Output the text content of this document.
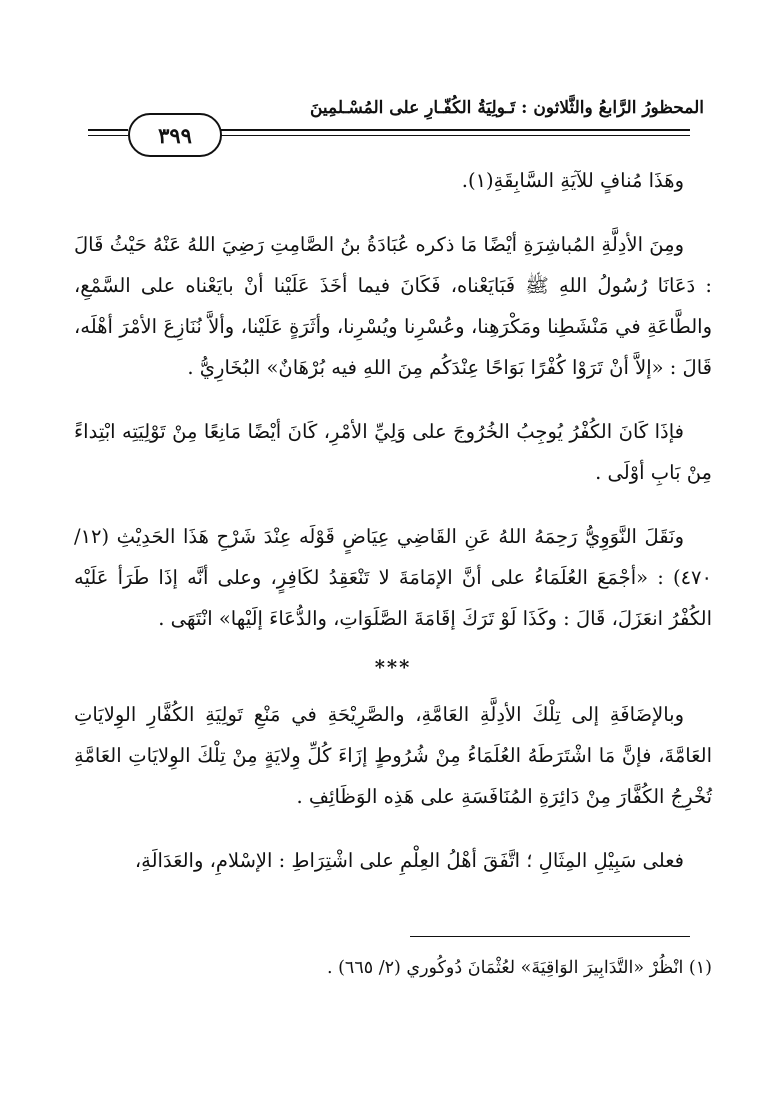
المحظورُ الرَّابعُ والثَّلاثون : تَـولِيَةُ الكُفّـارِ على المُسْـلمِينَ
٣٩٩

وهَذَا مُنافٍ للآيَةِ السَّابِقَةِ(١).

ومِنَ الأدِلَّةِ المُباشِرَةِ أيْضًا مَا ذكره عُبَادَةُ بنُ الصَّامِتِ رَضِيَ اللهُ عَنْهُ حَيْثُ قَالَ : دَعَانَا رُسُولُ اللهِ ﷺ فَبَايَعْناه، فَكَانَ فيما أخَذَ عَلَيْنا أنْ بايَعْناه على السَّمْعِ، والطَّاعَةِ في مَنْشَطِنا ومَكْرَهِنا، وعُسْرِنا ويُسْرِنا، وأثَرَةٍ عَلَيْنا، وألاَّ نُنَازِعَ الأمْرَ أهْلَه، قَالَ : «إلاَّ أنْ تَرَوْا كُفْرًا بَوَاحًا عِنْدَكُم مِنَ اللهِ فيه بُرْهَانٌ» البُخَارِيُّ .

فإذَا كَانَ الكُفْرُ يُوجِبُ الخُرُوجَ على وَلِيِّ الأمْرِ، كَانَ أيْضًا مَانِعًا مِنْ تَوْلِيَتِه ابْتِداءً مِنْ بَابِ أوْلَى .

ونَقَلَ النَّوَوِيُّ رَحِمَهُ اللهُ عَنِ القَاضِي عِيَاضٍ قَوْلَه عِنْدَ شَرْحِ هَذَا الحَدِيْثِ (١٢/ ٤٧٠) : «أجْمَعَ العُلَمَاءُ على أنَّ الإمَامَةَ لا تَنْعَقِدُ لكَافِرٍ، وعلى أنَّه إذَا طَرَأ عَلَيْه الكُفْرُ انعَزَلَ، قَالَ : وكَذَا لَوْ تَرَكَ إقَامَةَ الصَّلَوَاتِ، والدُّعَاءَ إلَيْها» انْتَهَى .

***

وبالإضَافَةِ إلى تِلْكَ الأدِلَّةِ العَامَّةِ، والصَّرِيْحَةِ في مَنْعِ تَولِيَةِ الكُفَّارِ الوِلايَاتِ العَامَّةَ، فإنَّ مَا اشْتَرَطَهُ العُلَمَاءُ مِنْ شُرُوطٍ إزَاءَ كُلِّ وِلايَةٍ مِنْ تِلْكَ الوِلايَاتِ العَامَّةِ تُخْرِجُ الكُفَّارَ مِنْ دَائِرَةِ المُنَافَسَةِ على هَذِه الوَظَائِفِ .

فعلى سَبِيْلِ المِثَالِ ؛ اتَّفَقَ أهْلُ العِلْمِ على اشْتِرَاطِ : الإسْلامِ، والعَدَالَةِ،

(١) انْظُرْ «التَّدَابِيرَ الوَاقِيَةَ» لعُثْمَانَ دُوكُوري (٢/ ٦٦٥) .
